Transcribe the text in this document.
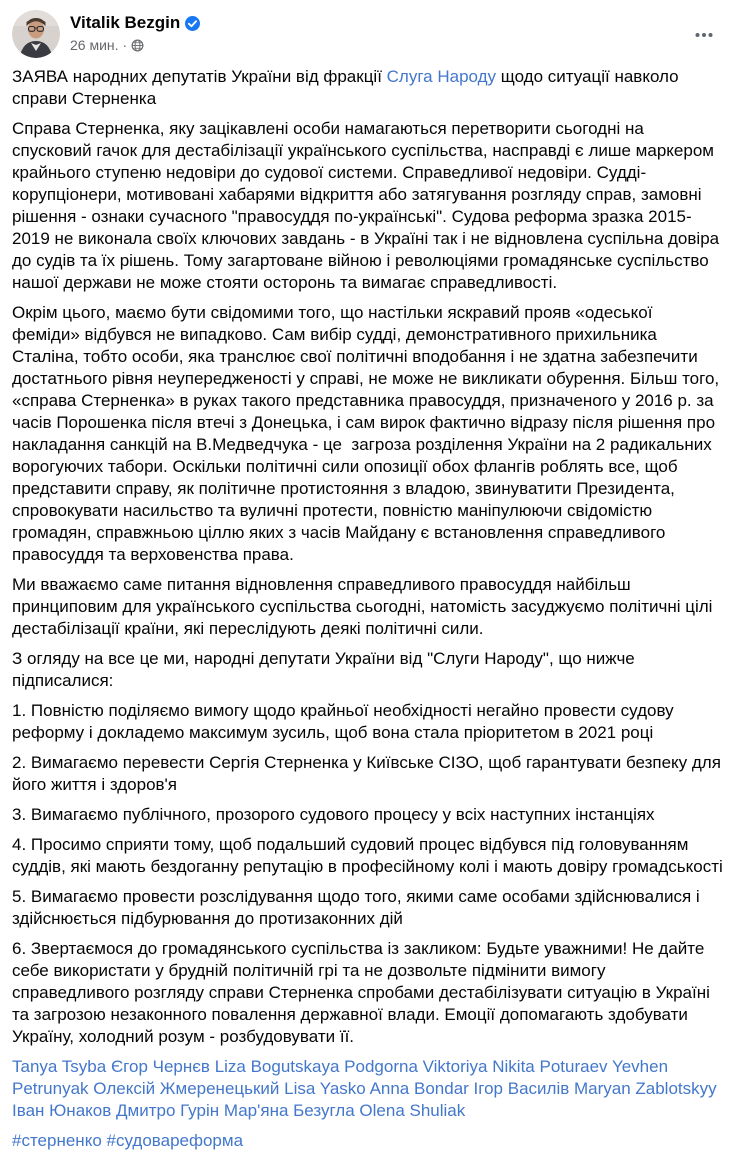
Vitalik Bezgin
26 мин. ·

ЗАЯВА народних депутатів України від фракції Слуга Народу щодо ситуації навколо справи Стерненка

Справа Стерненка, яку зацікавлені особи намагаються перетворити сьогодні на спусковий гачок для дестабілізації українського суспільства, насправді є лише маркером крайнього ступеню недовіри до судової системи. Справедливої недовіри. Судді-корупціонери, мотивовані хабарями відкриття або затягування розгляду справ, замовні рішення - ознаки сучасного "правосуддя по-українські". Судова реформа зразка 2015-2019 не виконала своїх ключових завдань - в Україні так і не відновлена суспільна довіра до судів та їх рішень. Тому загартоване війною і революціями громадянське суспільство нашої держави не може стояти осторонь та вимагає справедливості.

Окрім цього, маємо бути свідомими того, що настільки яскравий прояв «одеської феміди» відбувся не випадково. Сам вибір судді, демонстративного прихильника Сталіна, тобто особи, яка транслює свої політичні вподобання і не здатна забезпечити достатнього рівня неупередженості у справі, не може не викликати обурення. Більш того, «справа Стерненка» в руках такого представника правосуддя, призначеного у 2016 р. за часів Порошенка після втечі з Донецька, і сам вирок фактично відразу після рішення про накладання санкцій на В.Медведчука - це  загроза розділення України на 2 радикальних ворогуючих табори. Оскільки політичні сили опозиції обох флангів роблять все, щоб представити справу, як політичне протистояння з владою, звинуватити Президента, спровокувати насильство та вуличні протести, повністю маніпулюючи свідомістю громадян, справжньою ціллю яких з часів Майдану є встановлення справедливого правосуддя та верховенства права.

Ми вважаємо саме питання відновлення справедливого правосуддя найбільш принциповим для українського суспільства сьогодні, натомість засуджуємо політичні цілі дестабілізації країни, які переслідують деякі політичні сили.

З огляду на все це ми, народні депутати України від "Слуги Народу", що нижче підписалися:

1. Повністю поділяємо вимогу щодо крайньої необхідності негайно провести судову реформу і докладемо максимум зусиль, щоб вона стала пріоритетом в 2021 році

2. Вимагаємо перевести Сергія Стерненка у Київське СІЗО, щоб гарантувати безпеку для його життя і здоров'я

3. Вимагаємо публічного, прозорого судового процесу у всіх наступних інстанціях

4. Просимо сприяти тому, щоб подальший судовий процес відбувся під головуванням суддів, які мають бездоганну репутацію в професійному колі і мають довіру громадськості

5. Вимагаємо провести розслідування щодо того, якими саме особами здійснювалися і здійснюється підбурювання до протизаконних дій

6. Звертаємося до громадянського суспільства із закликом: Будьте уважними! Не дайте себе використати у брудній політичній грі та не дозвольте підмінити вимогу справедливого розгляду справи Стерненка спробами дестабілізувати ситуацію в Україні та загрозою незаконного повалення державної влади. Емоції допомагають здобувати Україну, холодний розум - розбудовувати її.

Tanya Tsyba Єгор Чернєв Liza Bogutskaya Podgorna Viktoriya Nikita Poturaev Yevhen Petrunyak Олексій Жмеренецький Lisa Yasko Anna Bondar Ігор Василів Maryan Zablotskyy Іван Юнаков Дмитро Гурін Мар'яна Безугла Olena Shuliak

#стерненко #судовареформа
